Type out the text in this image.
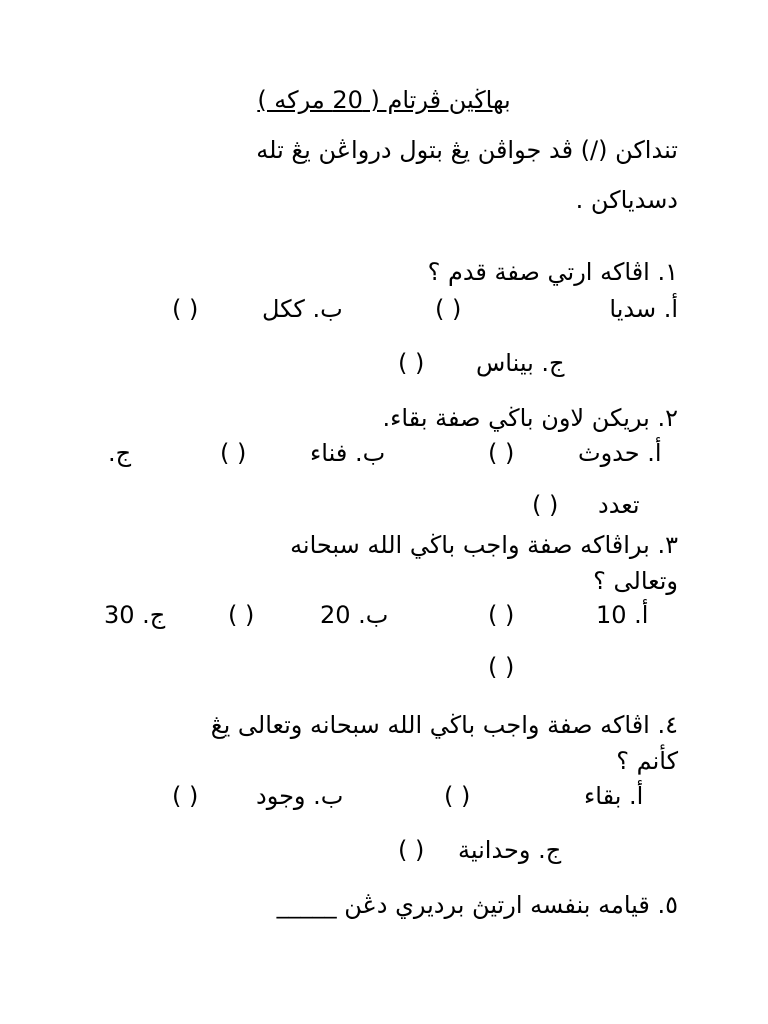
بهاڬين ڤرتام ( 20 مركه )
تنداكن (/) ڤد جواڤن يڠ بتول درواڠن يڠ تله
دسدياكن .
١. اڤاكه ارتي صفة قدم ؟
أ. سديا
( )
ب. ككل
( )
ج. بيناس
( )
٢. بريكن لاون باڬي صفة بقاء.
أ. حدوث
( )
ب. فناء
( )
ج.
تعدد
( )
٣. براڤاكه صفة واجب باڬي الله سبحانه
وتعالى ؟
أ. 10
( )
ب. 20
( )
ج. 30
( )
٤. اڤاكه صفة واجب باڬي الله سبحانه وتعالى يڠ
كأنم ؟
أ. بقاء
( )
ب. وجود
( )
ج. وحدانية
( )
٥. قيامه بنفسه ارتيڽ برديري دڠن _____
